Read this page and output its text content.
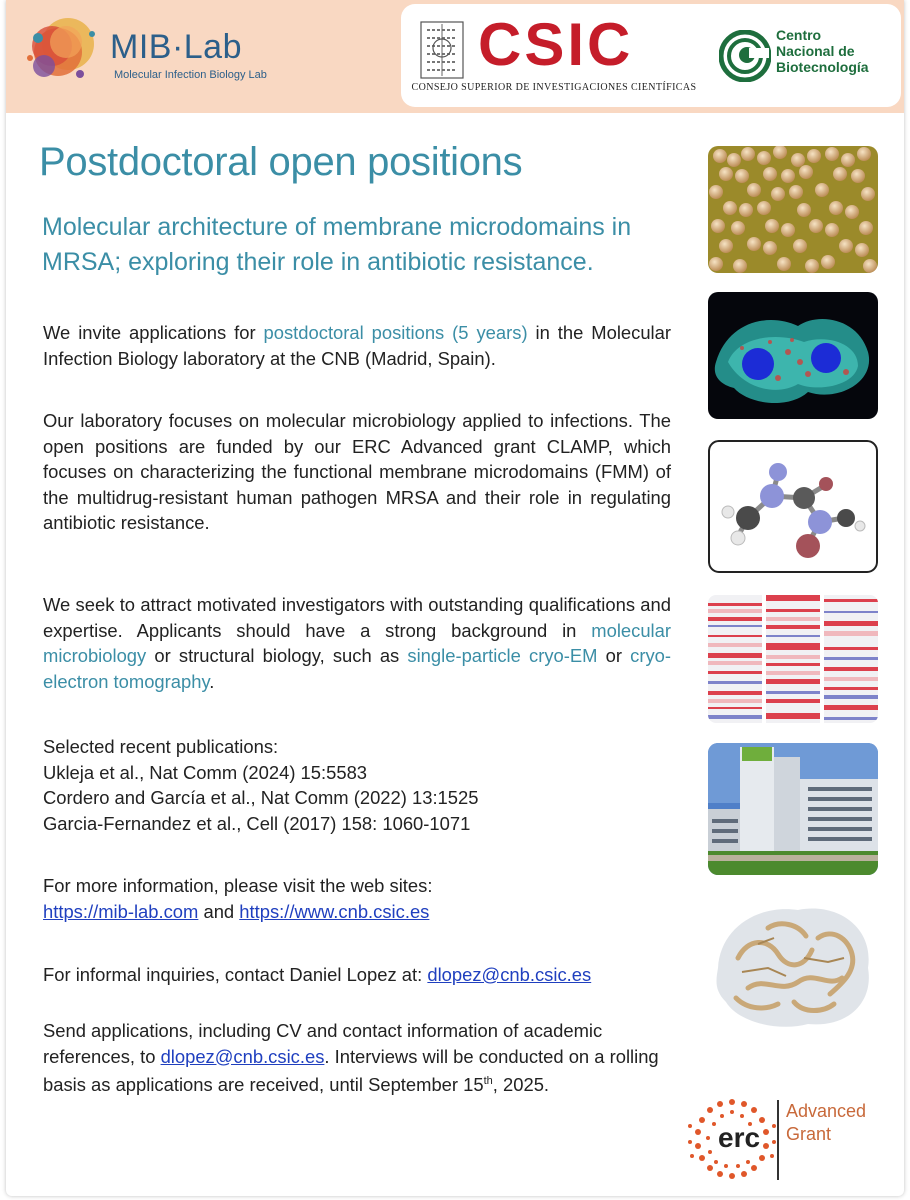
MIB·Lab
Molecular Infection Biology Lab	CSIC
CONSEJO SUPERIOR DE INVESTIGACIONES CIENTÍFICAS
Centro
Nacional de
Biotecnología
Postdoctoral open positions
Molecular architecture of membrane microdomains in MRSA; exploring their role in antibiotic resistance.
We invite applications for postdoctoral positions (5 years) in the Molecular Infection Biology laboratory at the CNB (Madrid, Spain).
Our laboratory focuses on molecular microbiology applied to infections. The open positions are funded by our ERC Advanced grant CLAMP, which focuses on characterizing the functional membrane microdomains (FMM) of the multidrug-resistant human pathogen MRSA and their role in regulating antibiotic resistance.
We seek to attract motivated investigators with outstanding qualifications and expertise. Applicants should have a strong background in molecular microbiology or structural biology, such as single-particle cryo-EM or cryo-electron tomography.
Selected recent publications:
Ukleja et al., Nat Comm (2024) 15:5583
Cordero and García et al., Nat Comm (2022) 13:1525
Garcia-Fernandez et al., Cell (2017) 158: 1060-1071
For more information, please visit the web sites:
https://mib-lab.com and https://www.cnb.csic.es
For informal inquiries, contact Daniel Lopez at: dlopez@cnb.csic.es
Send applications, including CV and contact information of academic references, to dlopez@cnb.csic.es. Interviews will be conducted on a rolling basis as applications are received, until September 15th, 2025.
erc
Advanced
Grant
